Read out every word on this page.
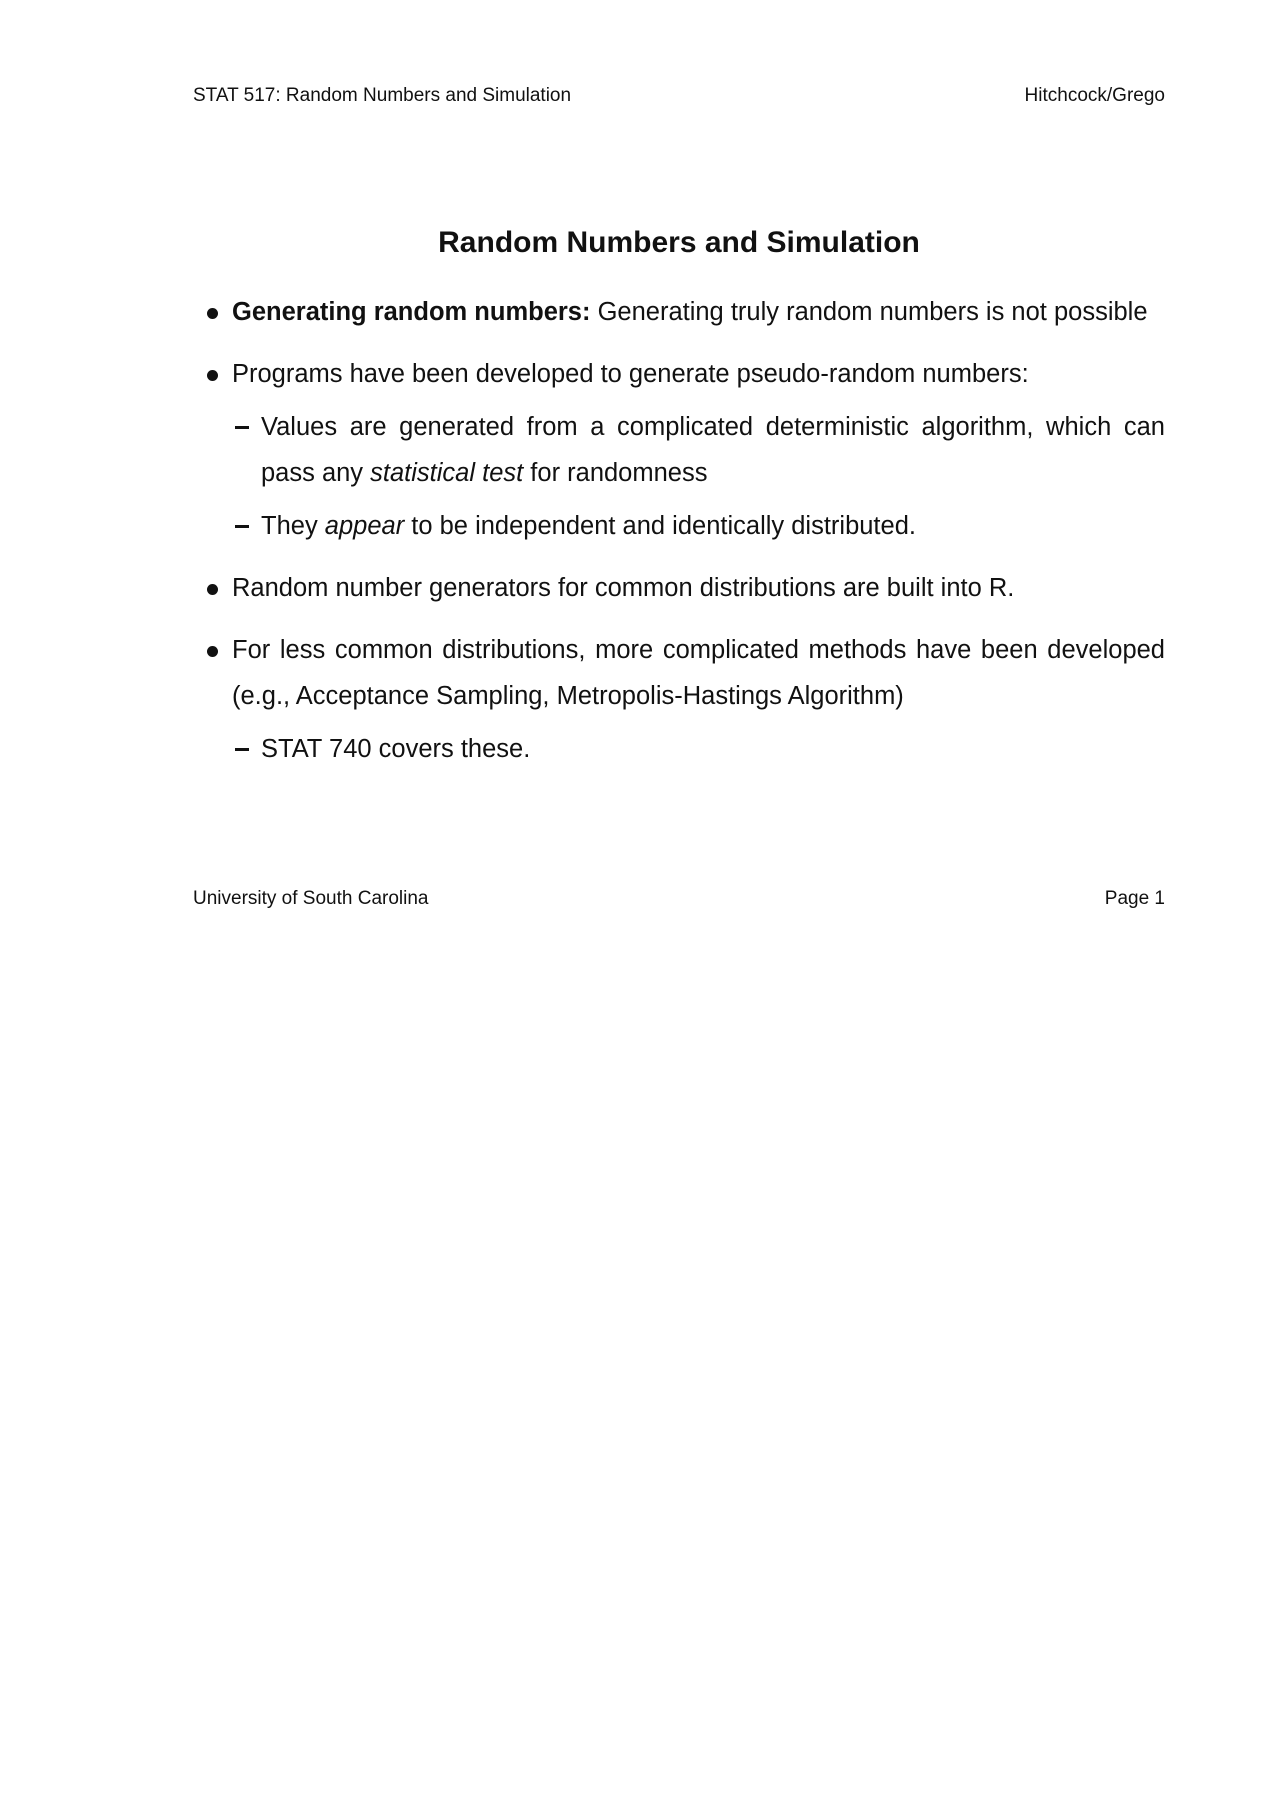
STAT 517: Random Numbers and Simulation	Hitchcock/Grego
Random Numbers and Simulation
Generating random numbers: Generating truly random numbers is not possible
Programs have been developed to generate pseudo-random numbers:
Values are generated from a complicated deterministic algorithm, which can pass any statistical test for randomness
They appear to be independent and identically distributed.
Random number generators for common distributions are built into R.
For less common distributions, more complicated methods have been developed (e.g., Acceptance Sampling, Metropolis-Hastings Algorithm)
STAT 740 covers these.
University of South Carolina	Page 1
